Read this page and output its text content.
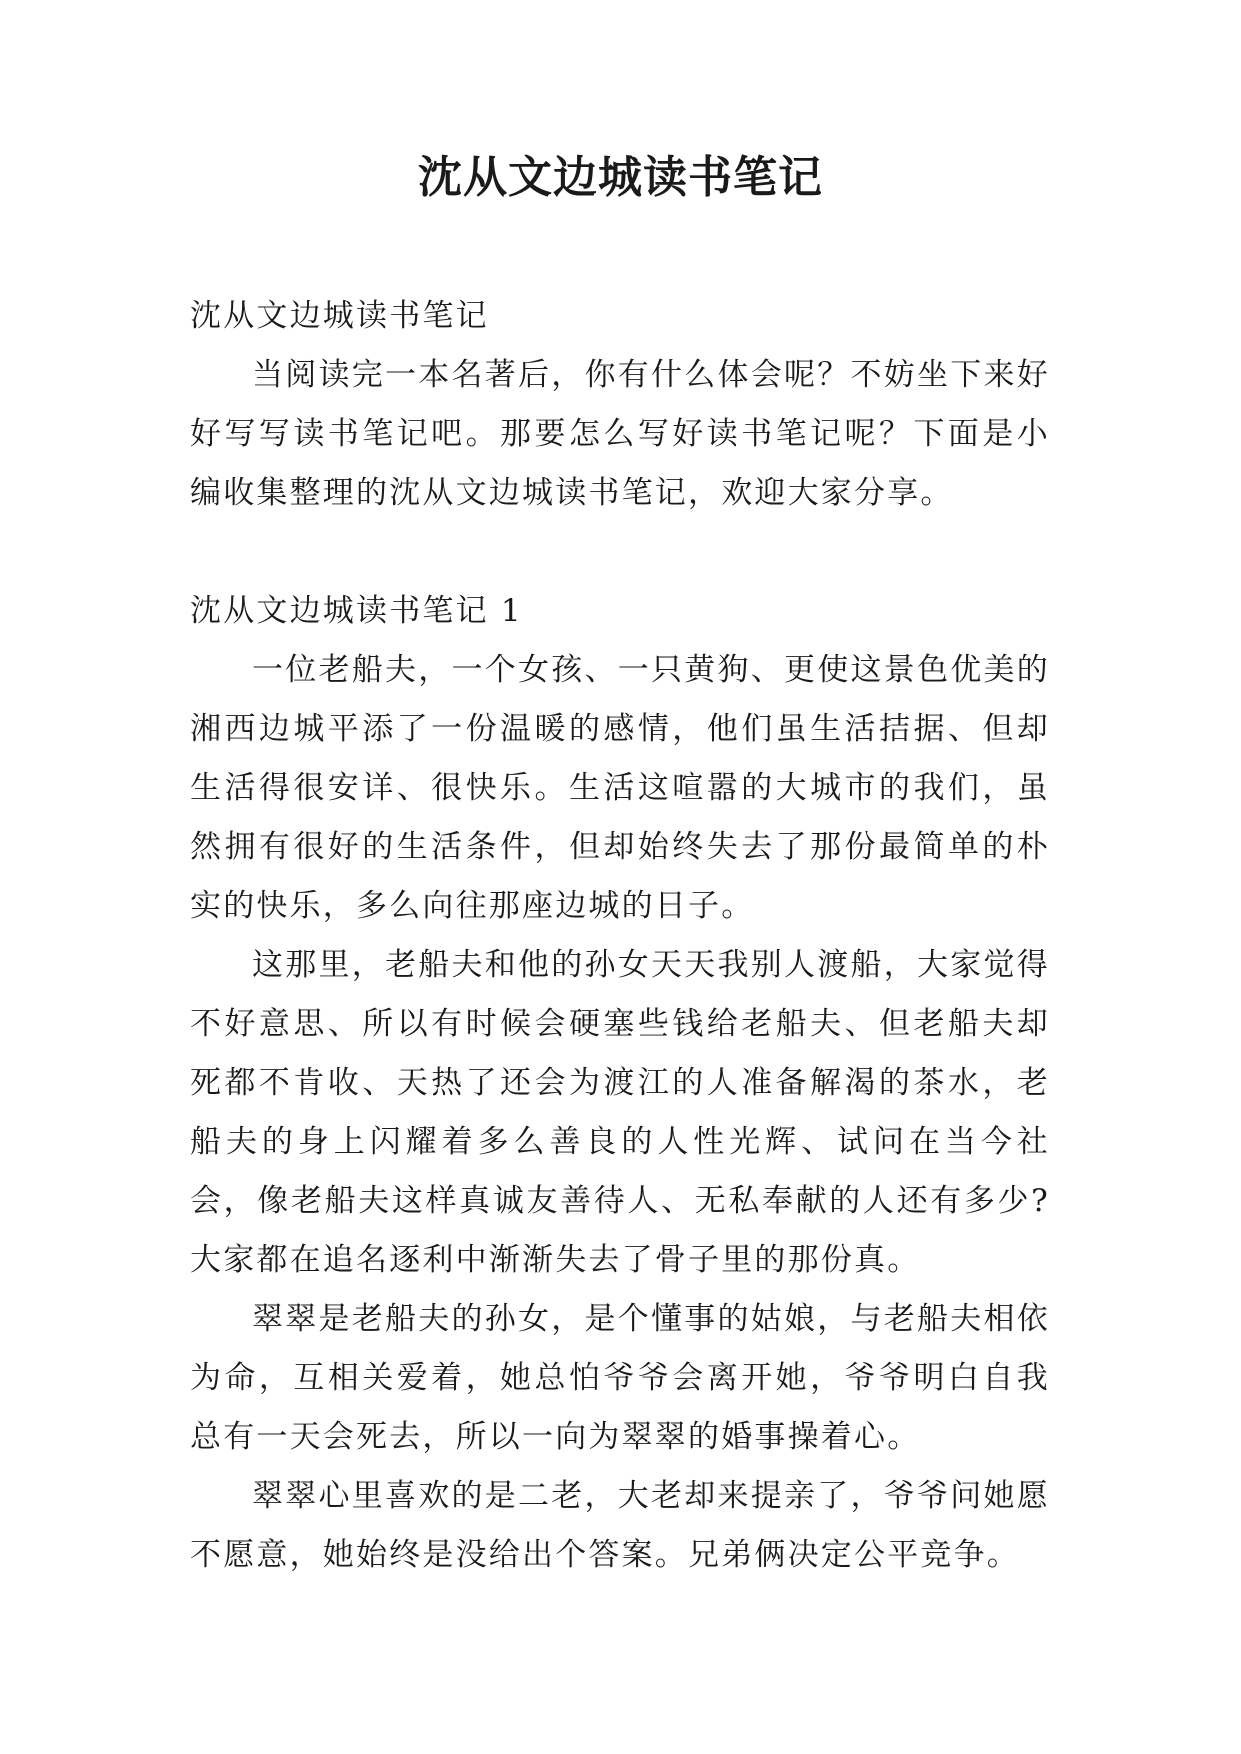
沈从文边城读书笔记

沈从文边城读书笔记

当阅读完一本名著后，你有什么体会呢？不妨坐下来好好写写读书笔记吧。那要怎么写好读书笔记呢？下面是小编收集整理的沈从文边城读书笔记，欢迎大家分享。

沈从文边城读书笔记 1

一位老船夫，一个女孩、一只黄狗、更使这景色优美的湘西边城平添了一份温暖的感情，他们虽生活拮据、但却生活得很安详、很快乐。生活这喧嚣的大城市的我们，虽然拥有很好的生活条件，但却始终失去了那份最简单的朴实的快乐，多么向往那座边城的日子。

这那里，老船夫和他的孙女天天我别人渡船，大家觉得不好意思、所以有时候会硬塞些钱给老船夫、但老船夫却死都不肯收、天热了还会为渡江的人准备解渴的茶水，老船夫的身上闪耀着多么善良的人性光辉、试问在当今社会，像老船夫这样真诚友善待人、无私奉献的人还有多少?大家都在追名逐利中渐渐失去了骨子里的那份真。

翠翠是老船夫的孙女，是个懂事的姑娘，与老船夫相依为命，互相关爱着，她总怕爷爷会离开她，爷爷明白自我总有一天会死去，所以一向为翠翠的婚事操着心。

翠翠心里喜欢的是二老，大老却来提亲了，爷爷问她愿不愿意，她始终是没给出个答案。兄弟俩决定公平竞争。
